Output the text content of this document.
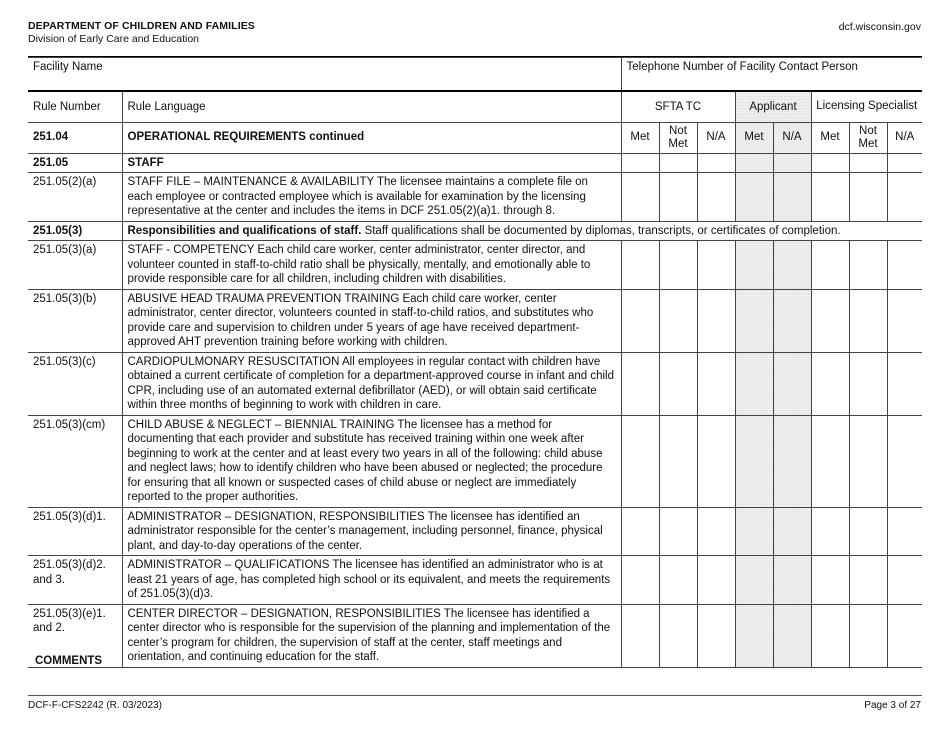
DEPARTMENT OF CHILDREN AND FAMILIES
Division of Early Care and Education
dcf.wisconsin.gov
Facility Name		Telephone Number of Facility Contact Person							
Rule Number	Rule Language	SFTA TC			Applicant		Licensing Specialist		
251.04	OPERATIONAL REQUIREMENTS continued	Met	Not Met	N/A	Met	N/A	Met	Not Met	N/A
251.05	STAFF								
251.05(2)(a)	STAFF FILE – MAINTENANCE & AVAILABILITY The licensee maintains a complete file on each employee or contracted employee which is available for examination by the licensing representative at the center and includes the items in DCF 251.05(2)(a)1. through 8.								
251.05(3)	Responsibilities and qualifications of staff. Staff qualifications shall be documented by diplomas, transcripts, or certificates of completion.								
251.05(3)(a)	STAFF - COMPETENCY Each child care worker, center administrator, center director, and volunteer counted in staff-to-child ratio shall be physically, mentally, and emotionally able to provide responsible care for all children, including children with disabilities.								
251.05(3)(b)	ABUSIVE HEAD TRAUMA PREVENTION TRAINING Each child care worker, center administrator, center director, volunteers counted in staff-to-child ratios, and substitutes who provide care and supervision to children under 5 years of age have received department-approved AHT prevention training before working with children.								
251.05(3)(c)	CARDIOPULMONARY RESUSCITATION All employees in regular contact with children have obtained a current certificate of completion for a department-approved course in infant and child CPR, including use of an automated external defibrillator (AED), or will obtain said certificate within three months of beginning to work with children in care.								
251.05(3)(cm)	CHILD ABUSE & NEGLECT – BIENNIAL TRAINING The licensee has a method for documenting that each provider and substitute has received training within one week after beginning to work at the center and at least every two years in all of the following: child abuse and neglect laws; how to identify children who have been abused or neglected; the procedure for ensuring that all known or suspected cases of child abuse or neglect are immediately reported to the proper authorities.								
251.05(3)(d)1.	ADMINISTRATOR – DESIGNATION, RESPONSIBILITIES The licensee has identified an administrator responsible for the center’s management, including personnel, finance, physical plant, and day-to-day operations of the center.								
251.05(3)(d)2. and 3.	ADMINISTRATOR – QUALIFICATIONS The licensee has identified an administrator who is at least 21 years of age, has completed high school or its equivalent, and meets the requirements of 251.05(3)(d)3.								
251.05(3)(e)1. and 2.	CENTER DIRECTOR – DESIGNATION, RESPONSIBILITIES The licensee has identified a center director who is responsible for the supervision of the planning and implementation of the center’s program for children, the supervision of staff at the center, staff meetings and orientation, and continuing education for the staff.								
COMMENTS
DCF-F-CFS2242 (R. 03/2023)	Page 3 of 27
